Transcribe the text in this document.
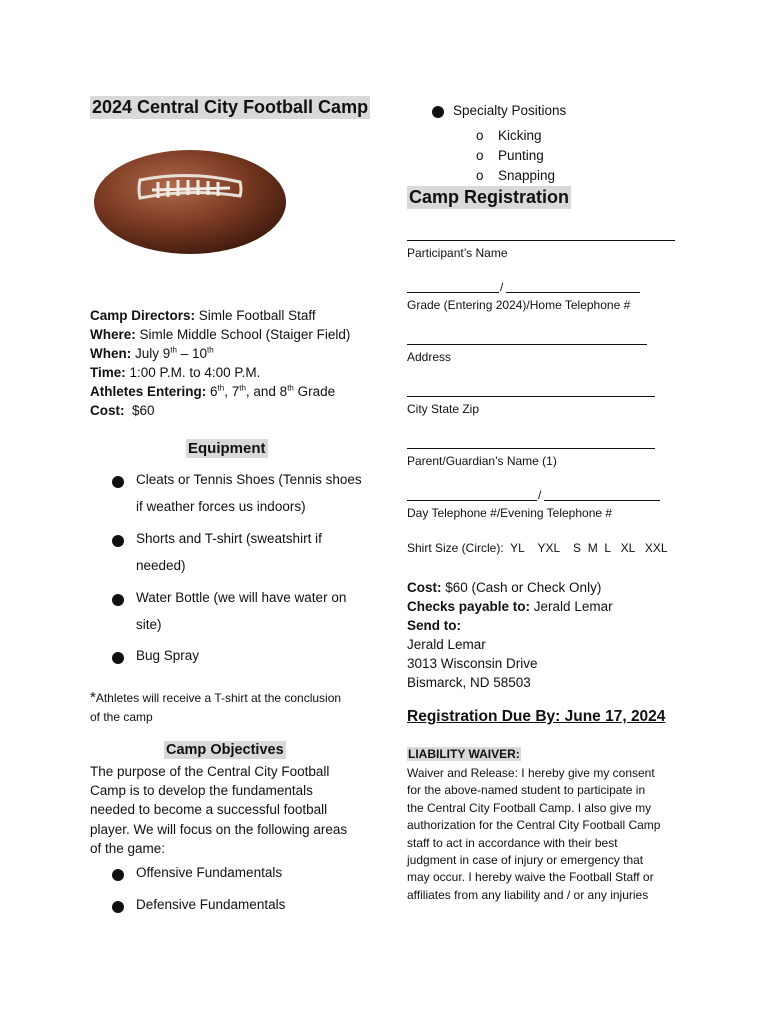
2024 Central City Football Camp
Camp Directors: Simle Football Staff
Where: Simle Middle School (Staiger Field)
When: July 9th – 10th
Time: 1:00 P.M. to 4:00 P.M.
Athletes Entering: 6th, 7th, and 8th Grade
Cost: $60
Equipment
Cleats or Tennis Shoes (Tennis shoes
if weather forces us indoors)
Shorts and T-shirt (sweatshirt if
needed)
Water Bottle (we will have water on
site)
Bug Spray
*Athletes will receive a T-shirt at the conclusion
of the camp
Camp Objectives
The purpose of the Central City Football
Camp is to develop the fundamentals
needed to become a successful football
player. We will focus on the following areas
of the game:
Offensive Fundamentals
Defensive Fundamentals
Specialty Positions
o Kicking
o Punting
o Snapping
Camp Registration
Participant’s Name
/
Grade (Entering 2024)/Home Telephone #
Address
City State Zip
Parent/Guardian’s Name (1)
/
Day Telephone #/Evening Telephone #
Shirt Size (Circle):  YL    YXL    S  M  L   XL   XXL
Cost: $60 (Cash or Check Only)
Checks payable to: Jerald Lemar
Send to:
Jerald Lemar
3013 Wisconsin Drive
Bismarck, ND 58503
Registration Due By: June 17, 2024
LIABILITY WAIVER:
Waiver and Release: I hereby give my consent
for the above-named student to participate in
the Central City Football Camp. I also give my
authorization for the Central City Football Camp
staff to act in accordance with their best
judgment in case of injury or emergency that
may occur. I hereby waive the Football Staff or
affiliates from any liability and / or any injuries
